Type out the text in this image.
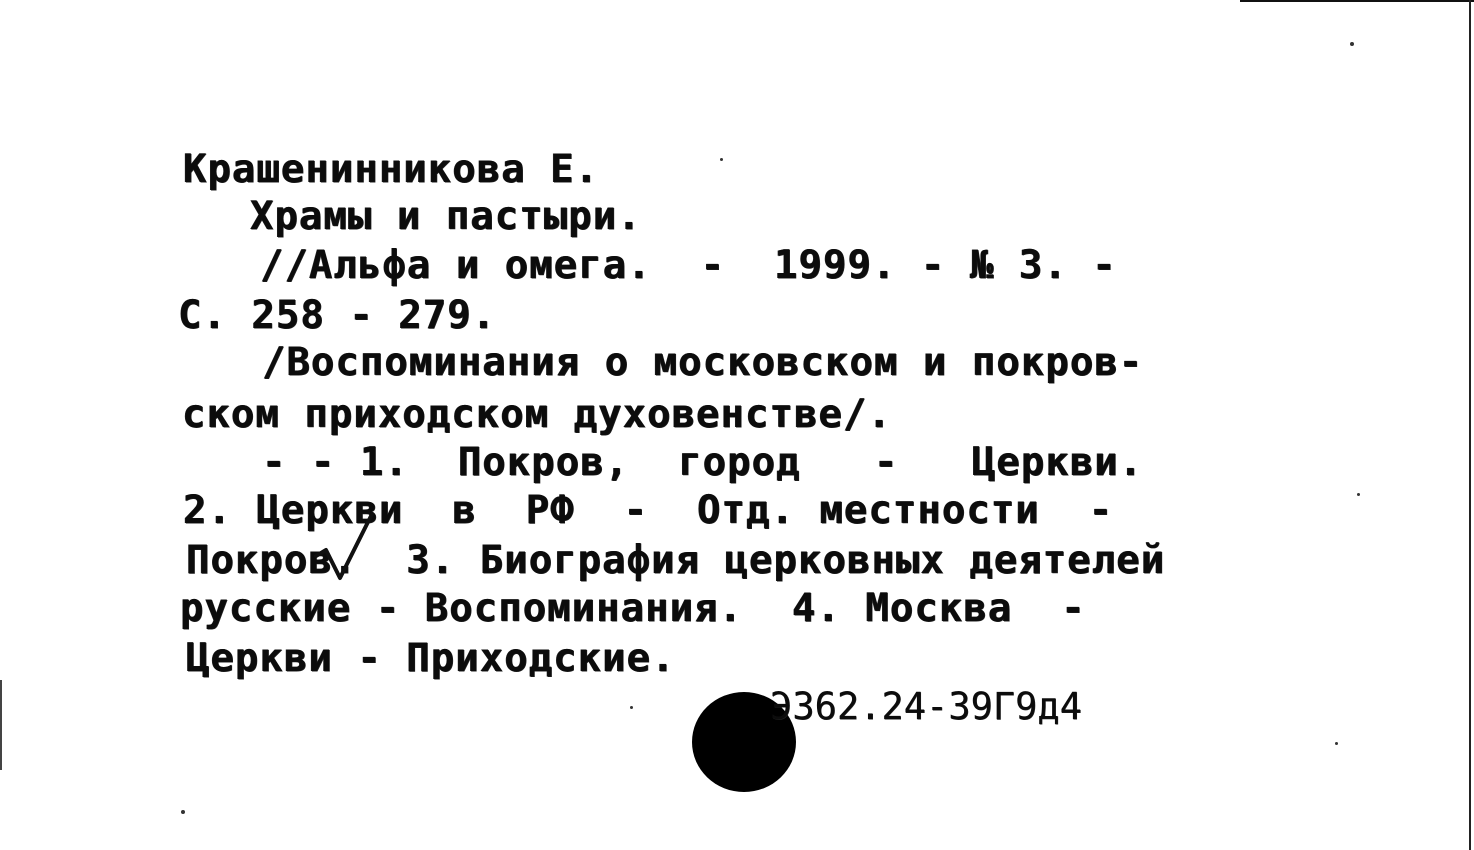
Крашенинникова Е.
Храмы и пастыри.
//Альфа и омега.  -  1999. - № 3. -
С. 258 - 279.
/Воспоминания о московском и покров-
ском приходском духовенстве/.
- - 1.  Покров,  город   -   Церкви.
2. Церкви  в  РФ  -  Отд. местности  -
Покров.  3. Биография церковных деятелей
русские - Воспоминания.  4. Москва  -
Церкви - Приходские.
Э362.24-39Г9д4
